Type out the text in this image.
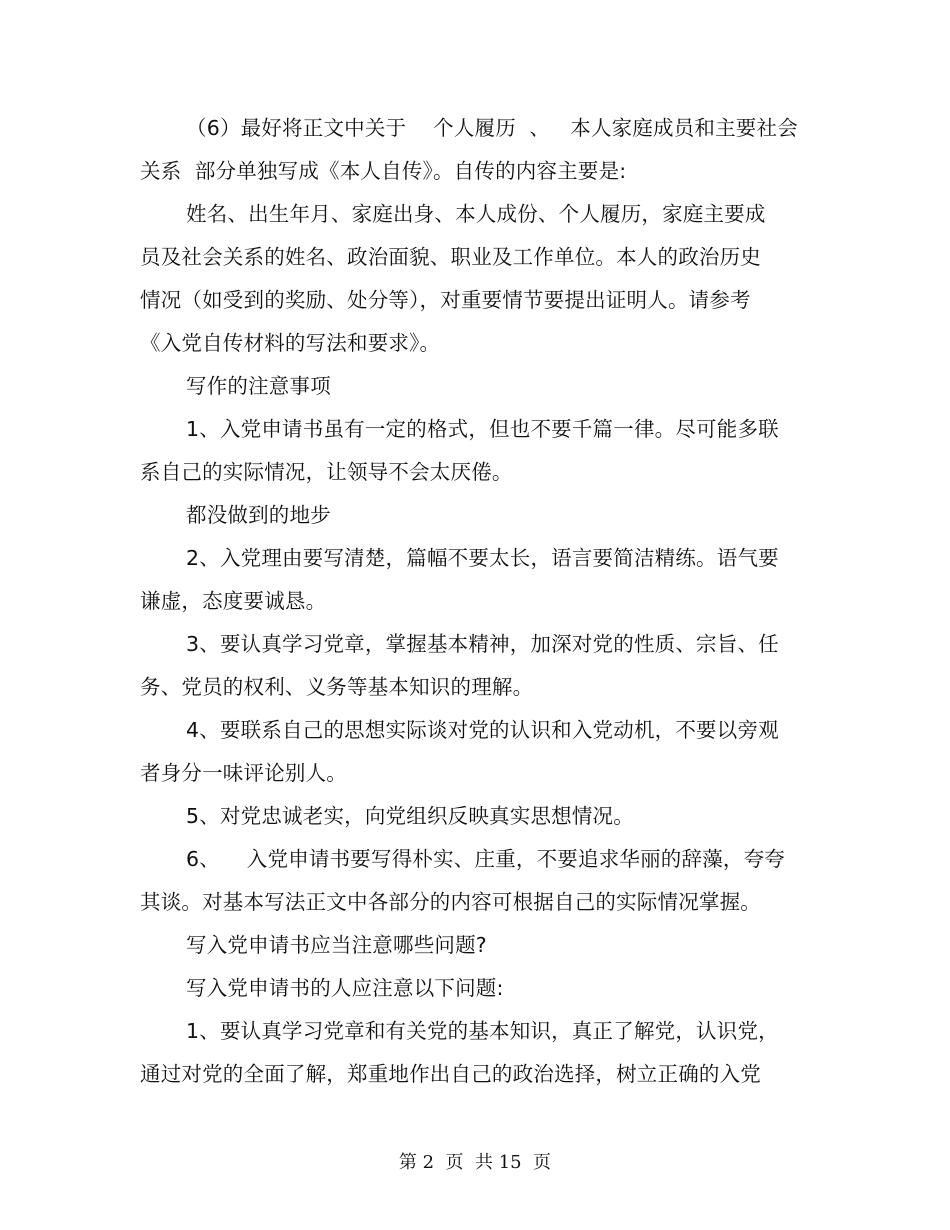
（6）最好将正文中关于    个人履历  、   本人家庭成员和主要社会
关系  部分单独写成《本人自传》。自传的内容主要是:
姓名、出生年月、家庭出身、本人成份、个人履历，家庭主要成
员及社会关系的姓名、政治面貌、职业及工作单位。本人的政治历史
情况（如受到的奖励、处分等），对重要情节要提出证明人。请参考
《入党自传材料的写法和要求》。
写作的注意事项
1、入党申请书虽有一定的格式，但也不要千篇一律。尽可能多联
系自己的实际情况，让领导不会太厌倦。
都没做到的地步
2、入党理由要写清楚，篇幅不要太长，语言要简洁精练。语气要
谦虚，态度要诚恳。
3、要认真学习党章，掌握基本精神，加深对党的性质、宗旨、任
务、党员的权利、义务等基本知识的理解。
4、要联系自己的思想实际谈对党的认识和入党动机，不要以旁观
者身分一味评论别人。
5、对党忠诚老实，向党组织反映真实思想情况。
6、    入党申请书要写得朴实、庄重，不要追求华丽的辞藻，夸夸
其谈。对基本写法正文中各部分的内容可根据自己的实际情况掌握。
写入党申请书应当注意哪些问题?
写入党申请书的人应注意以下问题:
1、要认真学习党章和有关党的基本知识，真正了解党，认识党，
通过对党的全面了解，郑重地作出自己的政治选择，树立正确的入党
第 2  页  共 15  页
